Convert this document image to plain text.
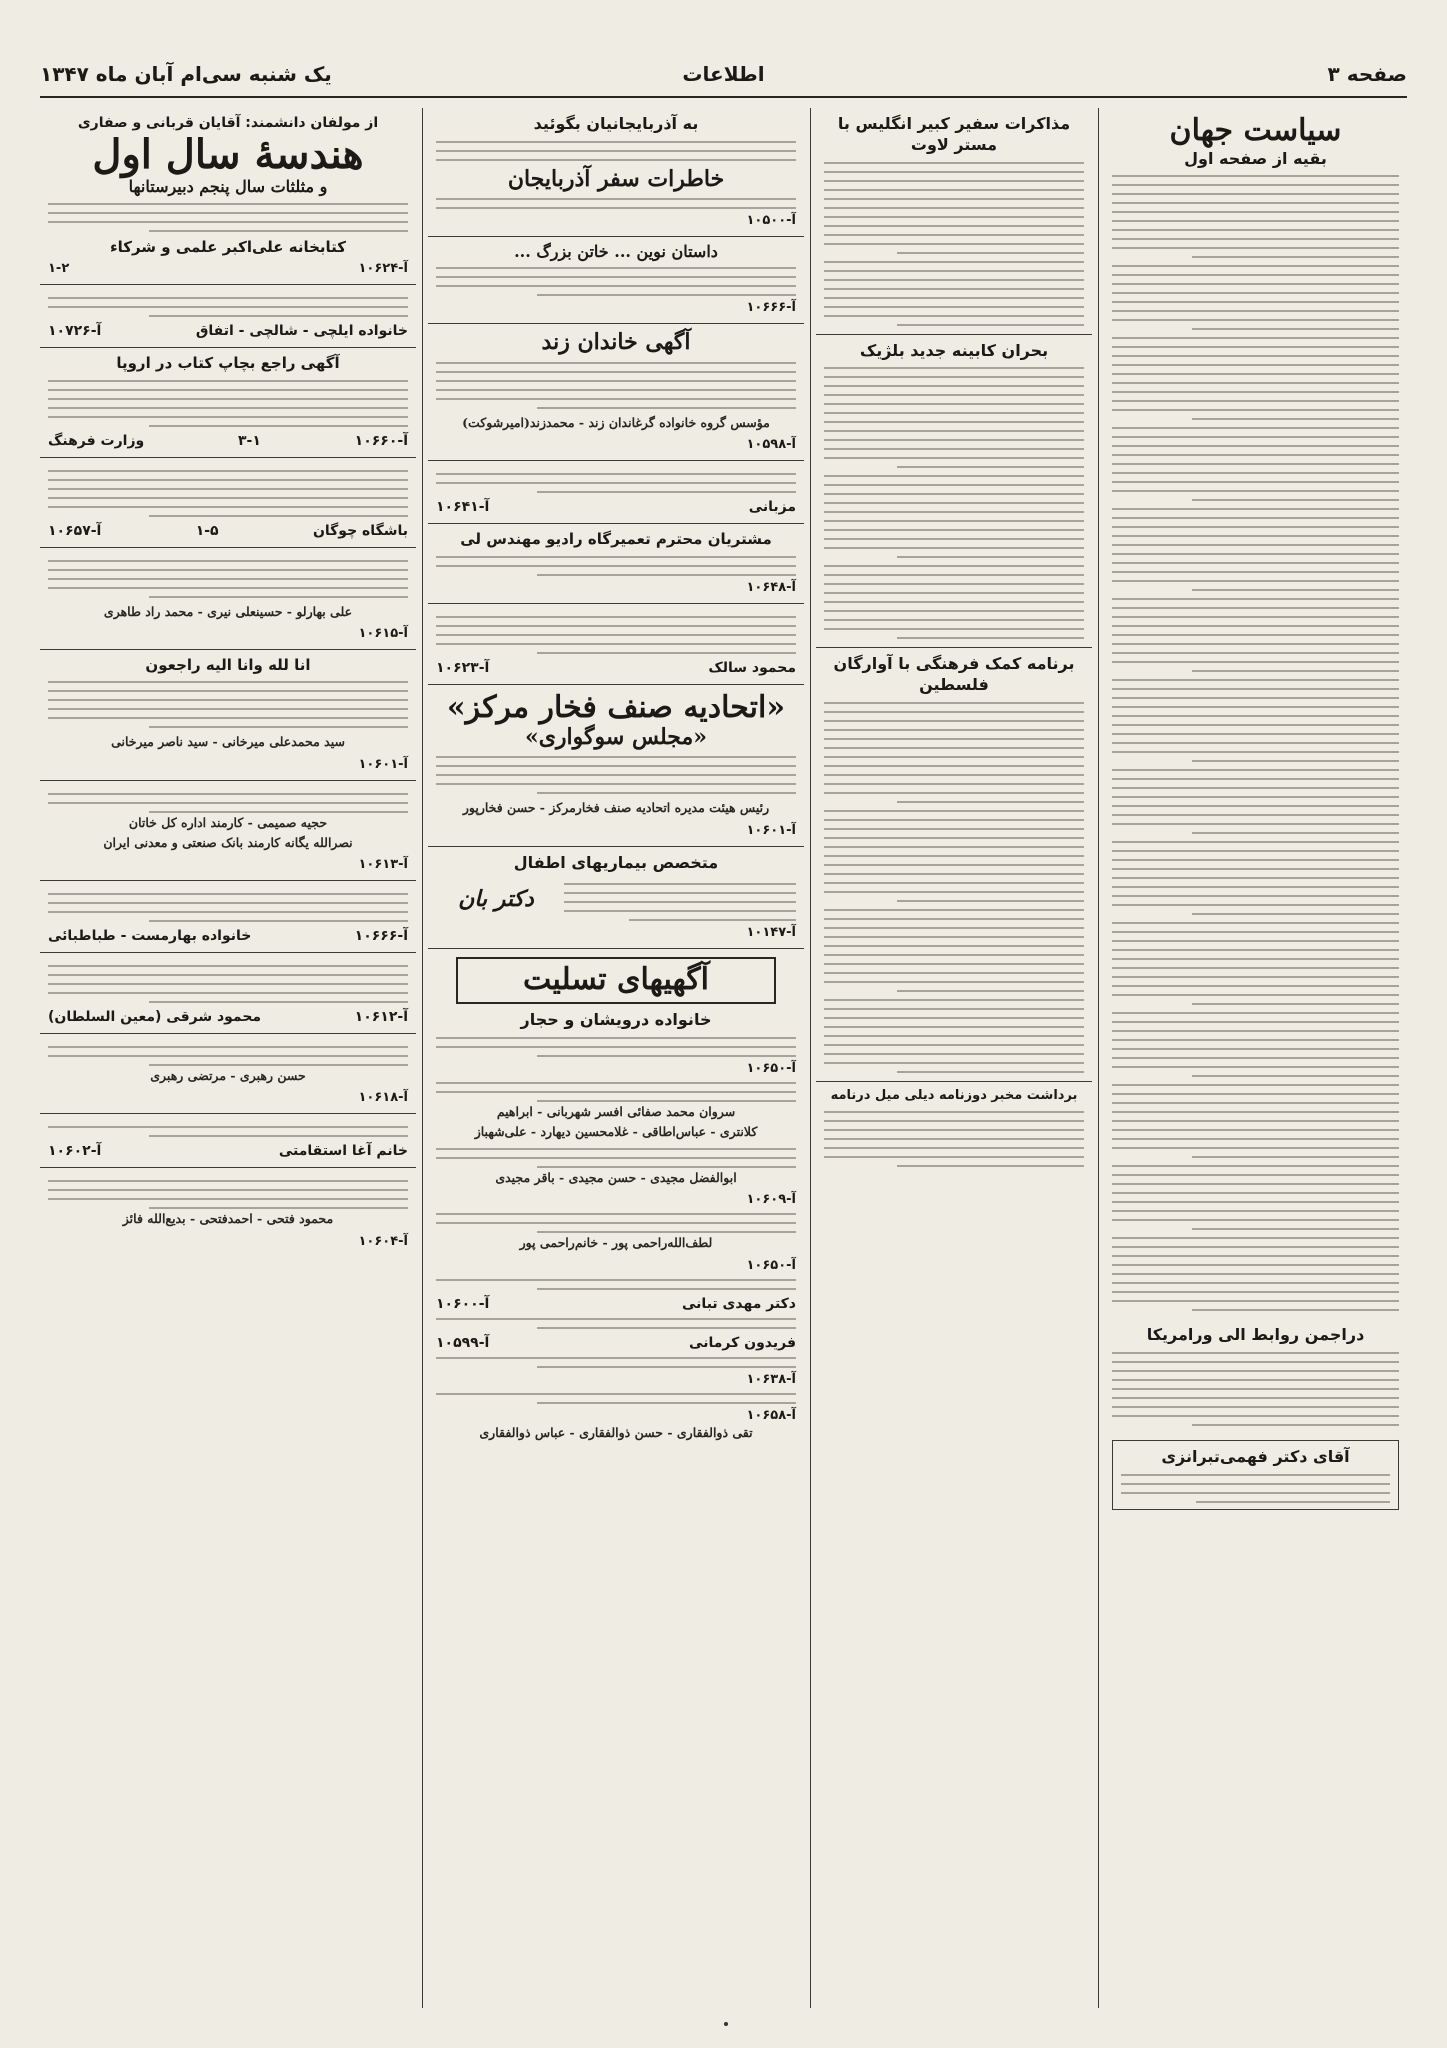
صفحه ۳
اطلاعات
یک شنبه سی‌ام آبان ماه ۱۳۴۷
سیاست جهان
بقیه از صفحه اول
درا‌جمن روابط الی ورامریکا
آقای دکتر فهمی‌تبرانزی
مذاکرات سفیر کبیر انگلیس با مستر لاوت
بحران کابینه جدید بلژیک
برنامه کمک فرهنگی با آوارگان فلسطین
برداشت مخبر دوزنامه دیلی میل درنامه
به آذربایجانیان بگوئید
خاطرات سفر آذربایجان
آ-۱۰۵۰۰
داستان نوین ... خاتن بزرگ ...
آ-۱۰۶۶۶
آگهی خاندان زند
مؤسس گروه خانواده گرغاندان زند - محمدزند(امیرشوکت)
آ-۱۰۵۹۸
مزبانی
آ-۱۰۶۴۱
مشتریان محترم تعمیرگاه رادیو مهندس لی
آ-۱۰۶۴۸
محمود سالک
آ-۱۰۶۲۳
«اتحادیه صنف فخار مرکز»
«مجلس سوگواری»
رئیس هیئت مدیره اتحادیه صنف فخارمرکز - حسن فخارپور
آ-۱۰۶۰۱
متخصص بیماریهای اطفال
دکتر بان
آ-۱۰۱۴۷
آگهیهای تسلیت
خانواده درویشان و حجار
آ-۱۰۶۵۰
سروان محمد صفائی افسر شهربانی - ابراهیم
کلانتری - عباس‌اطاقی - غلامحسین دیهارد - علی‌شهباز
ابوالفضل مجیدی - حسن مجیدی - باقر مجیدی
آ-۱۰۶۰۹
لطف‌الله‌راحمی پور - خانم‌راحمی پور
آ-۱۰۶۵۰
دکتر مهدی تبانی
آ-۱۰۶۰۰
فریدون کرمانی
آ-۱۰۵۹۹
آ-۱۰۶۳۸
آ-۱۰۶۵۸
تقی ذوالفقاری - حسن ذوالفقاری - عباس ذوالفقاری
از مولفان دانشمند: آقایان قربانی و صفاری
هندسهٔ سال اول
و مثلثات سال پنجم دبیرستانها
کتابخانه علی‌اکبر علمی و شرکاء
آ-۱۰۶۲۴
۱-۲
خانواده ایلچی - شالچی - اتفاق
آ-۱۰۷۲۶
آگهی راجع بچاپ کتاب در اروپا
آ-۱۰۶۶۰
۳-۱
وزارت فرهنگ
باشگاه چوگان
۱-۵
آ-۱۰۶۵۷
علی بهارلو - حسینعلی نیری - محمد راد طاهری
آ-۱۰۶۱۵
انا لله وانا الیه راجعون
سید محمدعلی میرخانی - سید ناصر میرخانی
آ-۱۰۶۰۱
حجیه صمیمی - کارمند اداره کل خاتان
نصرالله یگانه کارمند بانک صنعتی و معدنی ایران
آ-۱۰۶۱۳
آ-۱۰۶۶۶
خانواده بهارمست - طباطبائی
آ-۱۰۶۱۲
محمود شرقی (معین السلطان)
حسن رهبری - مرتضی رهبری
آ-۱۰۶۱۸
خانم آغا استقامتی
آ-۱۰۶۰۲
محمود فتحی - احمدفتحی - بدیع‌الله فائز
آ-۱۰۶۰۴
